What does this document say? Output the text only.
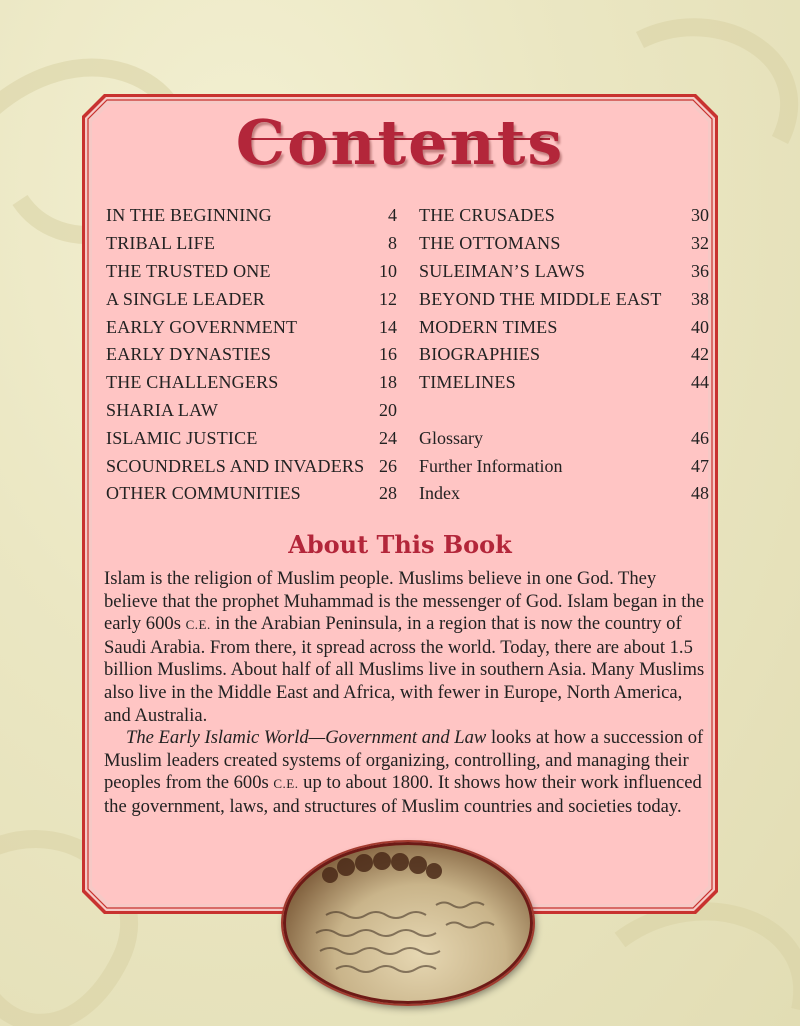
Contents
IN THE BEGINNING	4
TRIBAL LIFE	8
THE TRUSTED ONE	10
A SINGLE LEADER	12
EARLY GOVERNMENT	14
EARLY DYNASTIES	16
THE CHALLENGERS	18
SHARIA LAW	20
ISLAMIC JUSTICE	24
SCOUNDRELS AND INVADERS 26
OTHER COMMUNITIES	28
THE CRUSADES	30
THE OTTOMANS	32
SULEIMAN’S LAWS	36
BEYOND THE MIDDLE EAST 38
MODERN TIMES	40
BIOGRAPHIES	42
TIMELINES	44
Glossary	46
Further Information	47
Index	48
About This Book

Islam is the religion of Muslim people. Muslims believe in one God. They believe that the prophet Muhammad is the messenger of God. Islam began in the early 600s C.E. in the Arabian Peninsula, in a region that is now the country of Saudi Arabia. From there, it spread across the world. Today, there are about 1.5 billion Muslims. About half of all Muslims live in southern Asia. Many Muslims also live in the Middle East and Africa, with fewer in Europe, North America, and Australia.

The Early Islamic World—Government and Law looks at how a succession of Muslim leaders created systems of organizing, controlling, and managing their peoples from the 600s C.E. up to about 1800. It shows how their work influenced the government, laws, and structures of Muslim countries and societies today.
